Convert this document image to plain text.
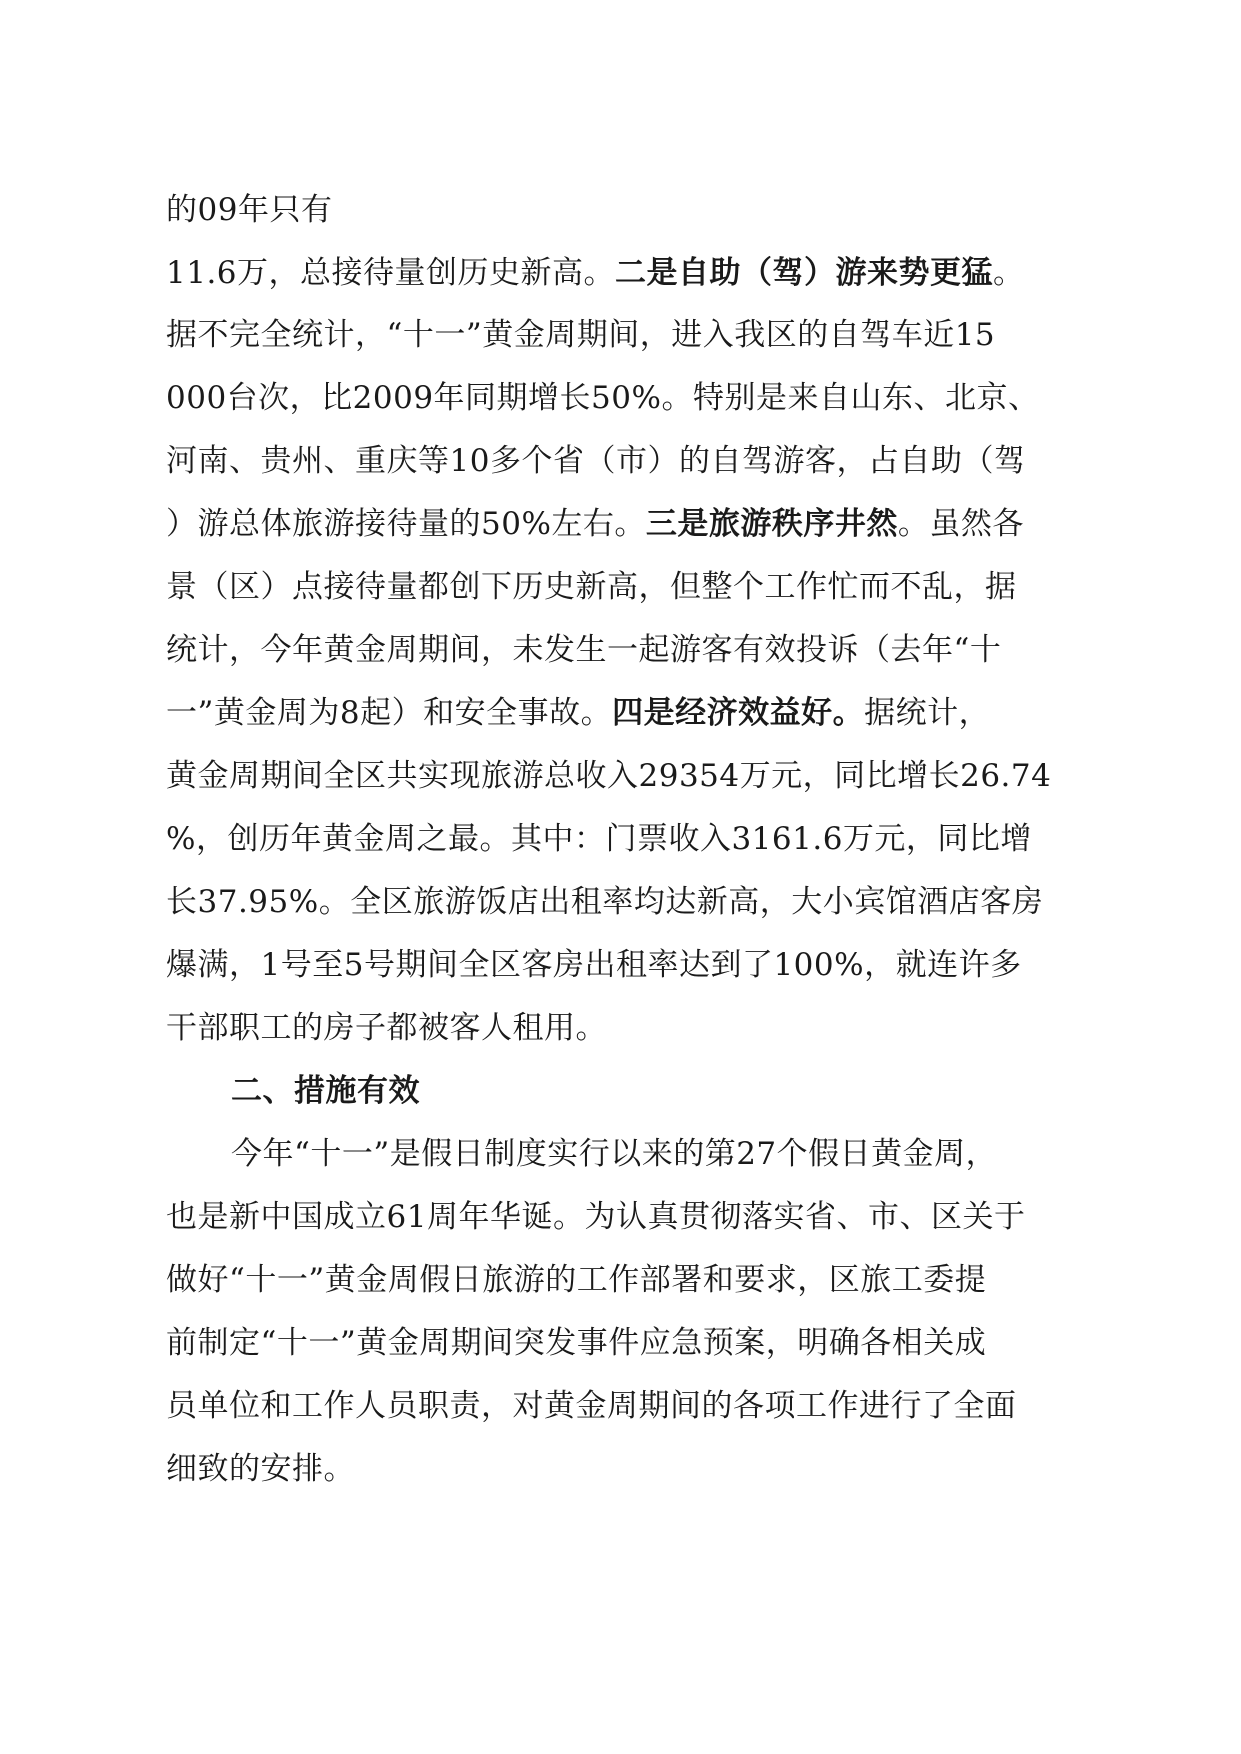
的09年只有
11.6万，总接待量创历史新高。二是自助（驾）游来势更猛。
据不完全统计，“十一”黄金周期间，进入我区的自驾车近15
000台次，比2009年同期增长50%。特别是来自山东、北京、
河南、贵州、重庆等10多个省（市）的自驾游客，占自助（驾
）游总体旅游接待量的50%左右。三是旅游秩序井然。虽然各
景（区）点接待量都创下历史新高，但整个工作忙而不乱，据
统计，今年黄金周期间，未发生一起游客有效投诉（去年“十
一”黄金周为8起）和安全事故。四是经济效益好。据统计，
黄金周期间全区共实现旅游总收入29354万元，同比增长26.74
%，创历年黄金周之最。其中：门票收入3161.6万元，同比增
长37.95%。全区旅游饭店出租率均达新高，大小宾馆酒店客房
爆满，1号至5号期间全区客房出租率达到了100%，就连许多
干部职工的房子都被客人租用。
二、措施有效
今年“十一”是假日制度实行以来的第27个假日黄金周，
也是新中国成立61周年华诞。为认真贯彻落实省、市、区关于
做好“十一”黄金周假日旅游的工作部署和要求，区旅工委提
前制定“十一”黄金周期间突发事件应急预案，明确各相关成
员单位和工作人员职责，对黄金周期间的各项工作进行了全面
细致的安排。
